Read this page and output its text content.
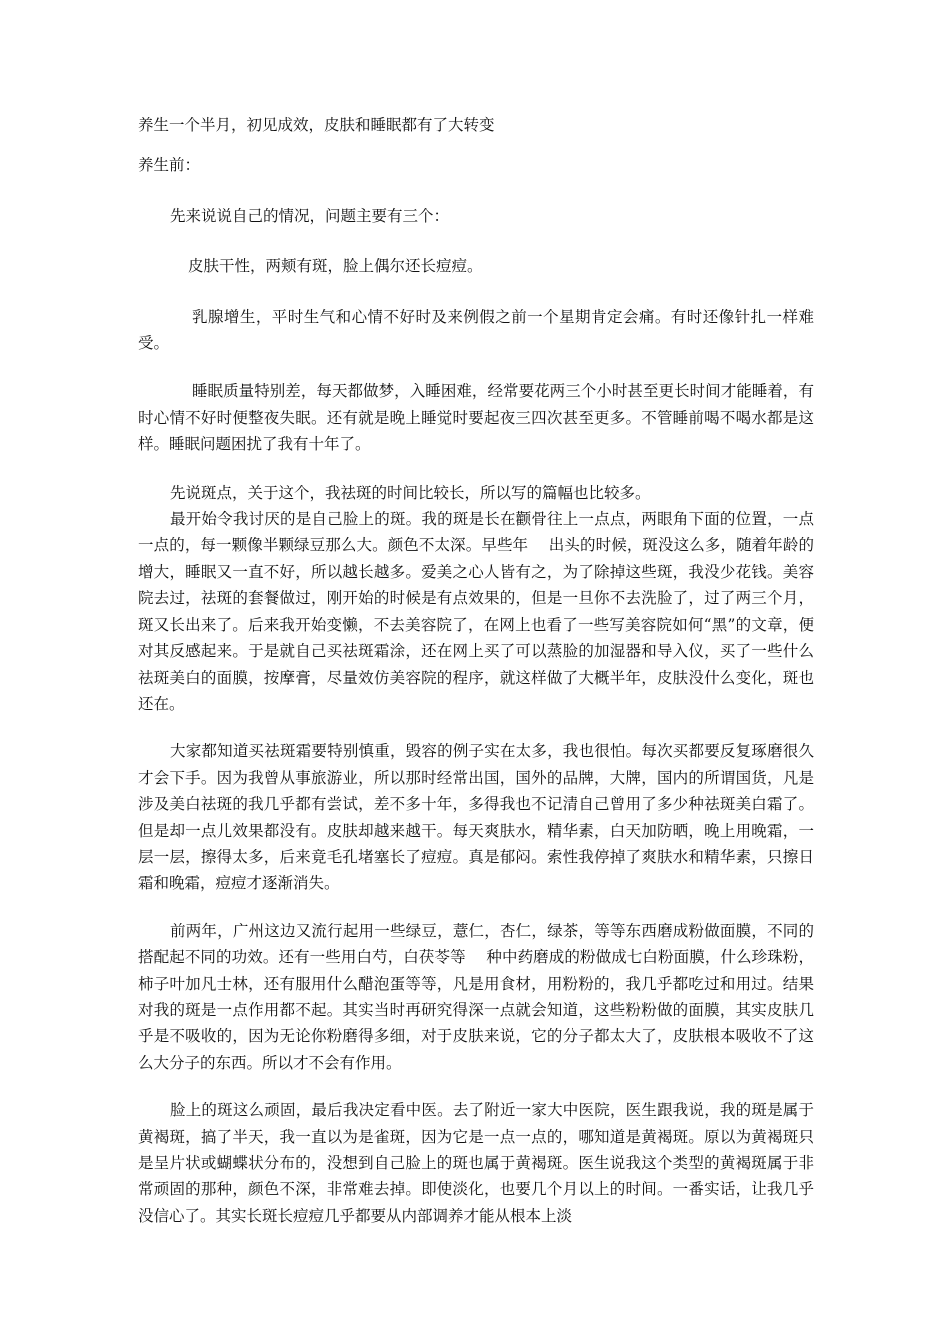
养生一个半月，初见成效，皮肤和睡眠都有了大转变

养生前：

先来说说自己的情况，问题主要有三个：

皮肤干性，两颊有斑，脸上偶尔还长痘痘。

乳腺增生，平时生气和心情不好时及来例假之前一个星期肯定会痛。有时还像针扎一样难受。

睡眠质量特别差，每天都做梦，入睡困难，经常要花两三个小时甚至更长时间才能睡着，有时心情不好时便整夜失眠。还有就是晚上睡觉时要起夜三四次甚至更多。不管睡前喝不喝水都是这样。睡眠问题困扰了我有十年了。

先说斑点，关于这个，我祛斑的时间比较长，所以写的篇幅也比较多。

最开始令我讨厌的是自己脸上的斑。我的斑是长在颧骨往上一点点，两眼角下面的位置，一点一点的，每一颗像半颗绿豆那么大。颜色不太深。早些年 　出头的时候，斑没这么多，随着年龄的增大，睡眠又一直不好，所以越长越多。爱美之心人皆有之，为了除掉这些斑，我没少花钱。美容院去过，祛斑的套餐做过，刚开始的时候是有点效果的，但是一旦你不去洗脸了，过了两三个月，斑又长出来了。后来我开始变懒，不去美容院了，在网上也看了一些写美容院如何“黑”的文章，便对其反感起来。于是就自己买祛斑霜涂，还在网上买了可以蒸脸的加湿器和导入仪，买了一些什么祛斑美白的面膜，按摩膏，尽量效仿美容院的程序，就这样做了大概半年，皮肤没什么变化，斑也还在。

大家都知道买祛斑霜要特别慎重，毁容的例子实在太多，我也很怕。每次买都要反复琢磨很久才会下手。因为我曾从事旅游业，所以那时经常出国，国外的品牌，大牌，国内的所谓国货，凡是涉及美白祛斑的我几乎都有尝试，差不多十年，多得我也不记清自己曾用了多少种祛斑美白霜了。但是却一点儿效果都没有。皮肤却越来越干。每天爽肤水，精华素，白天加防晒，晚上用晚霜，一层一层，擦得太多，后来竟毛孔堵塞长了痘痘。真是郁闷。索性我停掉了爽肤水和精华素，只擦日霜和晚霜，痘痘才逐渐消失。

前两年，广州这边又流行起用一些绿豆，薏仁，杏仁，绿茶，等等东西磨成粉做面膜，不同的搭配起不同的功效。还有一些用白芍，白茯苓等 　种中药磨成的粉做成七白粉面膜，什么珍珠粉，柿子叶加凡士林，还有服用什么醋泡蛋等等，凡是用食材，用粉粉的，我几乎都吃过和用过。结果对我的斑是一点作用都不起。其实当时再研究得深一点就会知道，这些粉粉做的面膜，其实皮肤几乎是不吸收的，因为无论你粉磨得多细，对于皮肤来说，它的分子都太大了，皮肤根本吸收不了这么大分子的东西。所以才不会有作用。

脸上的斑这么顽固，最后我决定看中医。去了附近一家大中医院，医生跟我说，我的斑是属于黄褐斑，搞了半天，我一直以为是雀斑，因为它是一点一点的，哪知道是黄褐斑。原以为黄褐斑只是呈片状或蝴蝶状分布的，没想到自己脸上的斑也属于黄褐斑。医生说我这个类型的黄褐斑属于非常顽固的那种，颜色不深，非常难去掉。即使淡化，也要几个月以上的时间。一番实话，让我几乎没信心了。其实长斑长痘痘几乎都要从内部调养才能从根本上淡
